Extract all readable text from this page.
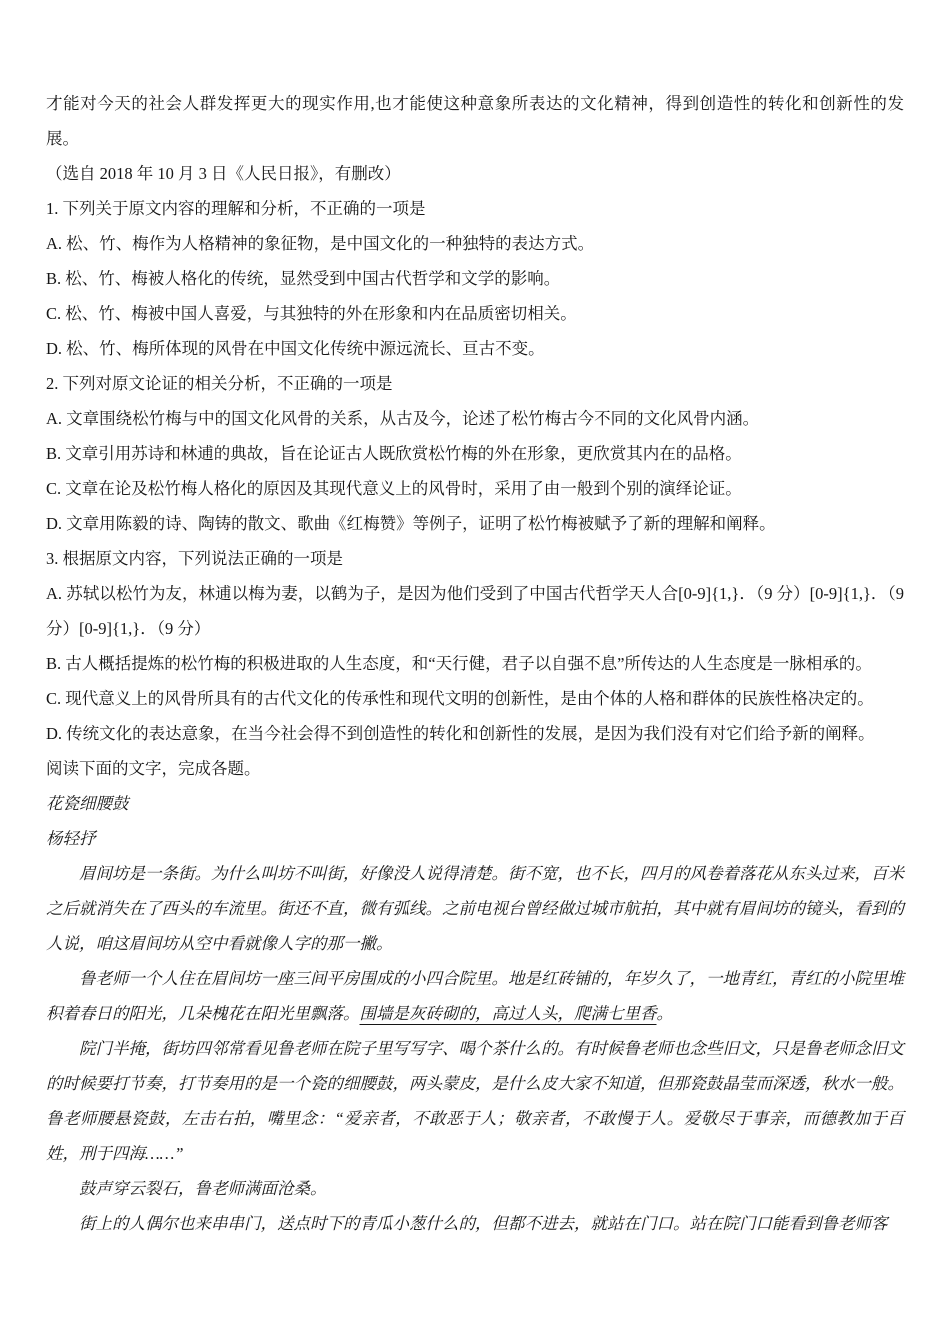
才能对今天的社会人群发挥更大的现实作用,也才能使这种意象所表达的文化精神，得到创造性的转化和创新性的发展。

（选自 2018 年 10 月 3 日《人民日报》，有删改）

1. 下列关于原文内容的理解和分析，不正确的一项是

A. 松、竹、梅作为人格精神的象征物，是中国文化的一种独特的表达方式。

B. 松、竹、梅被人格化的传统，显然受到中国古代哲学和文学的影响。

C. 松、竹、梅被中国人喜爱，与其独特的外在形象和内在品质密切相关。

D. 松、竹、梅所体现的风骨在中国文化传统中源远流长、亘古不变。

2. 下列对原文论证的相关分析，不正确的一项是

A. 文章围绕松竹梅与中的国文化风骨的关系，从古及今，论述了松竹梅古今不同的文化风骨内涵。

B. 文章引用苏诗和林逋的典故，旨在论证古人既欣赏松竹梅的外在形象，更欣赏其内在的品格。

C. 文章在论及松竹梅人格化的原因及其现代意义上的风骨时，采用了由一般到个别的演绎论证。

D. 文章用陈毅的诗、陶铸的散文、歌曲《红梅赞》等例子，证明了松竹梅被赋予了新的理解和阐释。

3. 根据原文内容，下列说法正确的一项是

A. 苏轼以松竹为友，林逋以梅为妻，以鹤为子，是因为他们受到了中国古代哲学天人合[0-9]{1,}．（9 分）[0-9]{1,}．（9 分）[0-9]{1,}．（9 分）

B. 古人概括提炼的松竹梅的积极进取的人生态度，和“天行健，君子以自强不息”所传达的人生态度是一脉相承的。

C. 现代意义上的风骨所具有的古代文化的传承性和现代文明的创新性，是由个体的人格和群体的民族性格决定的。

D. 传统文化的表达意象，在当今社会得不到创造性的转化和创新性的发展，是因为我们没有对它们给予新的阐释。

阅读下面的文字，完成各题。

花瓷细腰鼓

杨轻抒

眉间坊是一条街。为什么叫坊不叫街，好像没人说得清楚。街不宽，也不长，四月的风卷着落花从东头过来，百米之后就消失在了西头的车流里。街还不直，微有弧线。之前电视台曾经做过城市航拍，其中就有眉间坊的镜头，看到的人说，咱这眉间坊从空中看就像人字的那一撇。

鲁老师一个人住在眉间坊一座三间平房围成的小四合院里。地是红砖铺的，年岁久了，一地青红，青红的小院里堆积着春日的阳光，几朵槐花在阳光里飘落。围墙是灰砖砌的，高过人头，爬满七里香。

院门半掩，街坊四邻常看见鲁老师在院子里写写字、喝个茶什么的。有时候鲁老师也念些旧文，只是鲁老师念旧文的时候要打节奏，打节奏用的是一个瓷的细腰鼓，两头蒙皮，是什么皮大家不知道，但那瓷鼓晶莹而深透，秋水一般。鲁老师腰悬瓷鼓，左击右拍，嘴里念：“爱亲者，不敢恶于人；敬亲者，不敢慢于人。爱敬尽于事亲，而德教加于百姓，刑于四海……”

鼓声穿云裂石，鲁老师满面沧桑。

街上的人偶尔也来串串门，送点时下的青瓜小葱什么的，但都不进去，就站在门口。站在院门口能看到鲁老师客
